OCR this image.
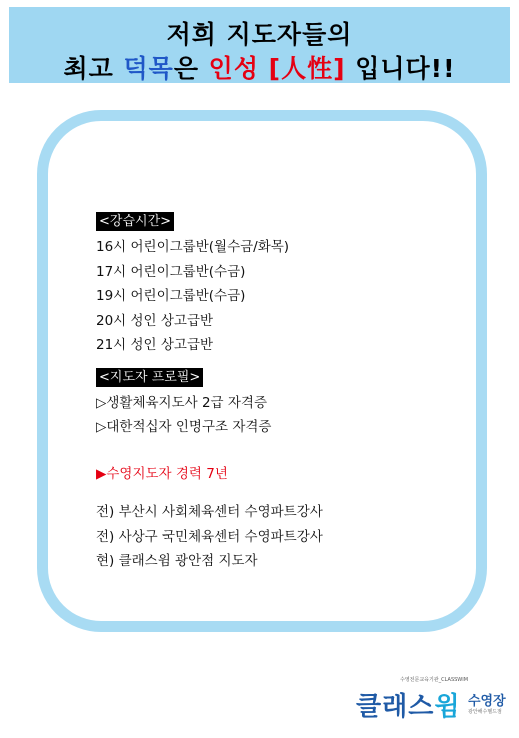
저희 지도자들의
최고 덕목은 인성 [人性] 입니다!!
<강습시간>
16시 어린이그룹반(월수금/화목)
17시 어린이그룹반(수금)
19시 어린이그룹반(수금)
20시 성인 상고급반
21시 성인 상고급반
<지도자 프로필>
▷생활체육지도사 2급 자격증
▷대한적십자 인명구조 자격증
▶수영지도자 경력 7년
전) 부산시 사회체육센터 수영파트강사
전) 사상구 국민체육센터 수영파트강사
현) 클래스윔 광안점 지도자
수영전문교육기관_CLASSWIM
클래스윔 수영장
광안해수헬드점
